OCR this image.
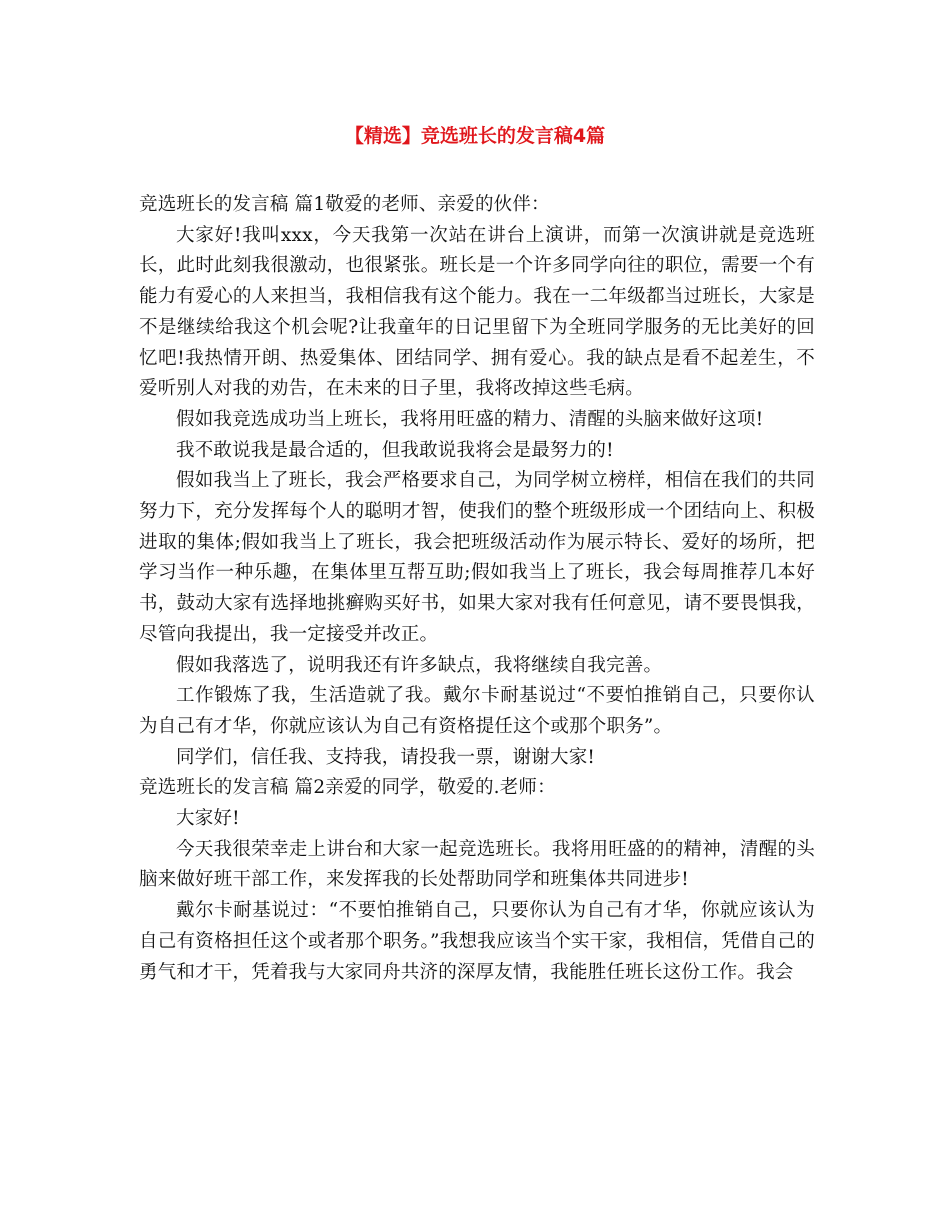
【精选】竞选班长的发言稿4篇

竞选班长的发言稿 篇1敬爱的老师、亲爱的伙伴：

大家好!我叫xxx，今天我第一次站在讲台上演讲，而第一次演讲就是竞选班长，此时此刻我很激动，也很紧张。班长是一个许多同学向往的职位，需要一个有能力有爱心的人来担当，我相信我有这个能力。我在一二年级都当过班长，大家是不是继续给我这个机会呢?让我童年的日记里留下为全班同学服务的无比美好的回忆吧!我热情开朗、热爱集体、团结同学、拥有爱心。我的缺点是看不起差生，不爱听别人对我的劝告，在未来的日子里，我将改掉这些毛病。

假如我竞选成功当上班长，我将用旺盛的精力、清醒的头脑来做好这项!

我不敢说我是最合适的，但我敢说我将会是最努力的!

假如我当上了班长，我会严格要求自己，为同学树立榜样，相信在我们的共同努力下，充分发挥每个人的聪明才智，使我们的整个班级形成一个团结向上、积极进取的集体;假如我当上了班长，我会把班级活动作为展示特长、爱好的场所，把学习当作一种乐趣，在集体里互帮互助;假如我当上了班长，我会每周推荐几本好书，鼓动大家有选择地挑癣购买好书，如果大家对我有任何意见，请不要畏惧我，尽管向我提出，我一定接受并改正。

假如我落选了，说明我还有许多缺点，我将继续自我完善。

工作锻炼了我，生活造就了我。戴尔卡耐基说过“不要怕推销自己，只要你认为自己有才华，你就应该认为自己有资格提任这个或那个职务”。

同学们，信任我、支持我，请投我一票，谢谢大家!

竞选班长的发言稿 篇2亲爱的同学，敬爱的.老师：

大家好!

今天我很荣幸走上讲台和大家一起竞选班长。我将用旺盛的的精神，清醒的头脑来做好班干部工作，来发挥我的长处帮助同学和班集体共同进步!

戴尔卡耐基说过：“不要怕推销自己，只要你认为自己有才华，你就应该认为自己有资格担任这个或者那个职务。”我想我应该当个实干家，我相信，凭借自己的勇气和才干，凭着我与大家同舟共济的深厚友情，我能胜任班长这份工作。我会
